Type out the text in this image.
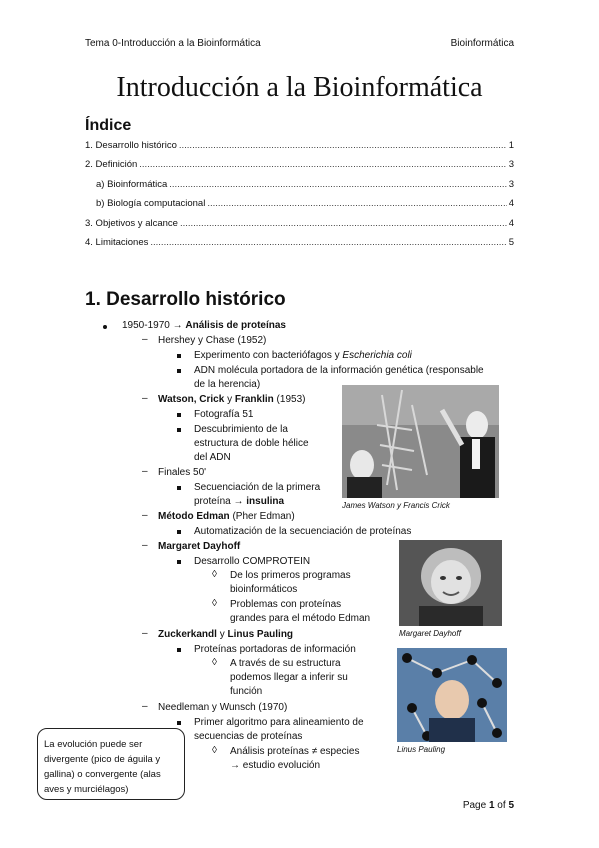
Tema 0-Introducción a la Bioinformática	Bioinformática
Introducción a la Bioinformática
Índice
1. Desarrollo histórico .....	1
2. Definición .....	3
a) Bioinformática .....	3
b) Biología computacional .....	4
3. Objetivos y alcance .....	4
4. Limitaciones .....	5
1. Desarrollo histórico
1950-1970 → Análisis de proteínas
– Hershey y Chase (1952)
Experimento con bacteriófagos y Escherichia coli
ADN molécula portadora de la información genética (responsable
de la herencia)
– Watson, Crick y Franklin (1953)
Fotografía 51
Descubrimiento de la
estructura de doble hélice
del ADN
– Finales 50'
Secuenciación de la primera
proteína → insulina
– Método Edman (Pher Edman)
Automatización de la secuenciación de proteínas
– Margaret Dayhoff
Desarrollo COMPROTEIN
◊ De los primeros programas
bioinformáticos
◊ Problemas con proteínas
grandes para el método Edman
– Zuckerkandl y Linus Pauling
Proteínas portadoras de información
◊ A través de su estructura
podemos llegar a inferir su
función
– Needleman y Wunsch (1970)
Primer algoritmo para alineamiento de
secuencias de proteínas
◊ Análisis proteínas ≠ especies
→ estudio evolución
James Watson y Francis Crick
Margaret Dayhoff
Linus Pauling
La evolución puede ser divergente (pico de águila y gallina) o convergente (alas aves y murciélagos)
Page 1 of 5
